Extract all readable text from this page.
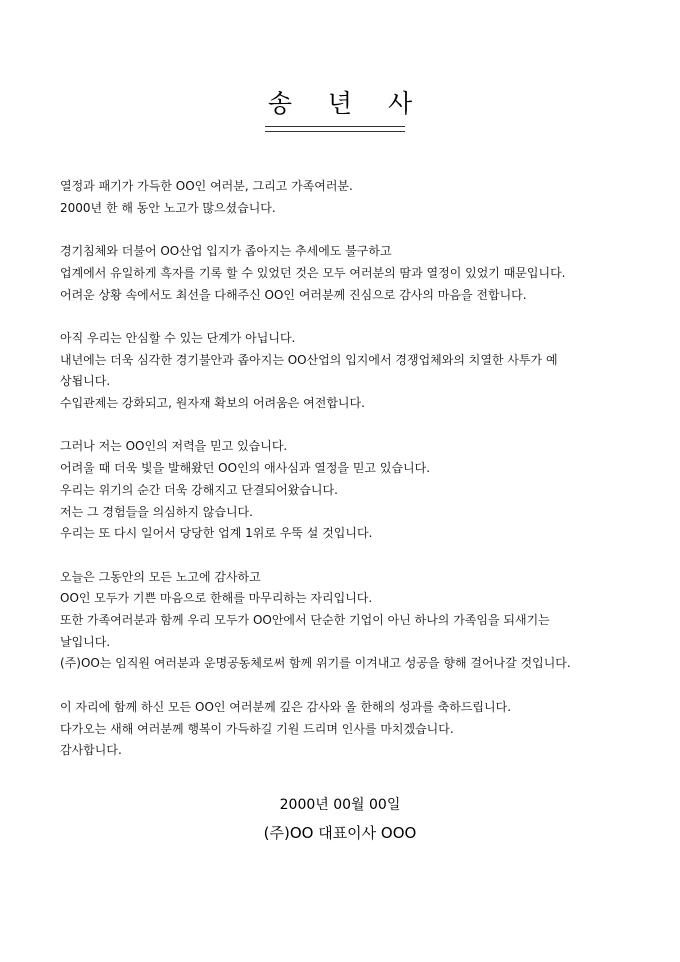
송 년 사
열정과 패기가 가득한 OO인 여러분, 그리고 가족여러분.
2000년 한 해 동안 노고가 많으셨습니다.
경기침체와 더불어 OO산업 입지가 좁아지는 추세에도 불구하고
업계에서 유일하게 흑자를 기록 할 수 있었던 것은 모두 여러분의 땀과 열정이 있었기 때문입니다.
어려운 상황 속에서도 최선을 다해주신 OO인 여러분께 진심으로 감사의 마음을 전합니다.
아직 우리는 안심할 수 있는 단계가 아닙니다.
내년에는 더욱 심각한 경기불안과 좁아지는 OO산업의 입지에서 경쟁업체와의 치열한 사투가 예
상됩니다.
수입관제는 강화되고, 원자재 확보의 어려움은 여전합니다.
그러나 저는 OO인의 저력을 믿고 있습니다.
어려울 때 더욱 빛을 발해왔던 OO인의 애사심과 열정을 믿고 있습니다.
우리는 위기의 순간 더욱 강해지고 단결되어왔습니다.
저는 그 경험들을 의심하지 않습니다.
우리는 또 다시 일어서 당당한 업계 1위로 우뚝 설 것입니다.
오늘은 그동안의 모든 노고에 감사하고
OO인 모두가 기쁜 마음으로 한해를 마무리하는 자리입니다.
또한 가족여러분과 함께 우리 모두가 OO안에서 단순한 기업이 아닌 하나의 가족임을 되새기는
날입니다.
(주)OO는 임직원 여러분과 운명공동체로써 함께 위기를 이겨내고 성공을 향해 걸어나갈 것입니다.
이 자리에 함께 하신 모든 OO인 여러분께 깊은 감사와 올 한해의 성과를 축하드립니다.
다가오는 새해 여러분께 행복이 가득하길 기원 드리며 인사를 마치겠습니다.
감사합니다.
2000년 00월 00일
(주)OO 대표이사 OOO
